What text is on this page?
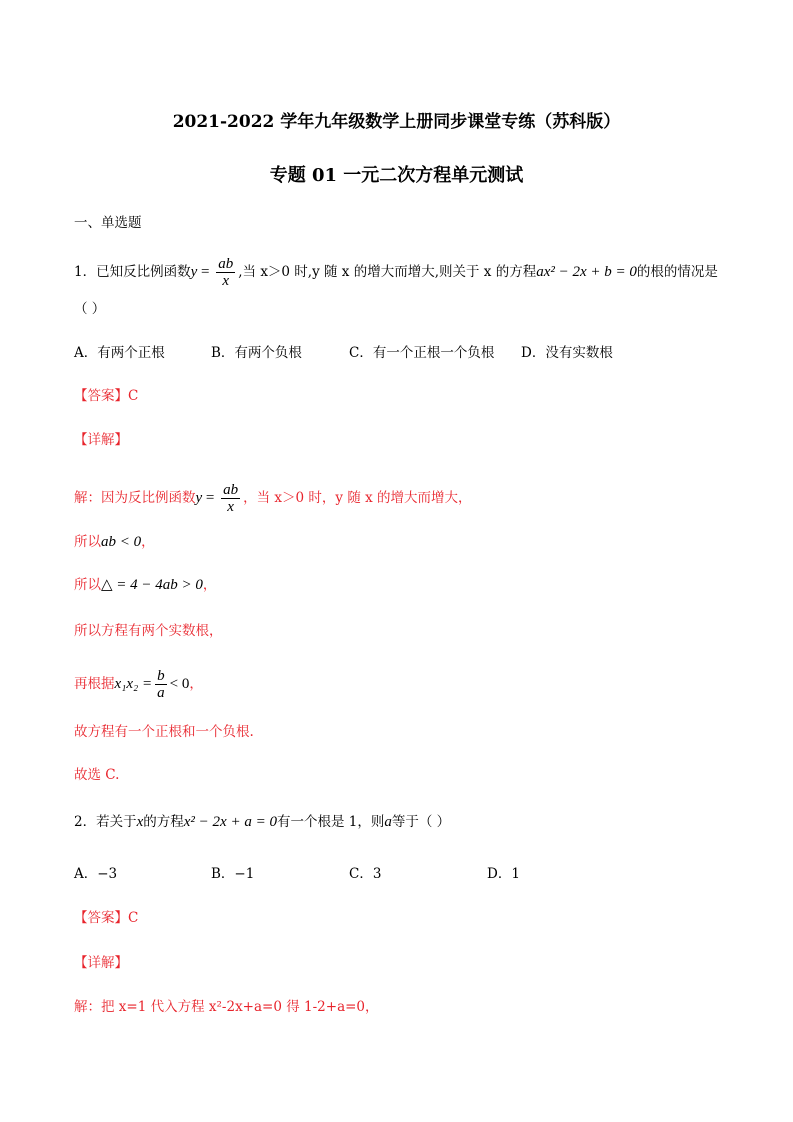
2021-2022 学年九年级数学上册同步课堂专练（苏科版）
专题 01 一元二次方程单元测试
一、单选题
1．已知反比例函数$y = \frac{ab}{x}$ ,当 x＞0 时,y 随 x 的增大而增大,则关于 x 的方程ax² − 2x + b = 0的根的情况是
（ ）
A．有两个正根	B．有两个负根	C．有一个正根一个负根 D．没有实数根
【答案】C
【详解】
解：因为反比例函数$y = \frac{ab}{x}$ ，当 x＞0 时，y 随 x 的增大而增大，
所以ab < 0，
所以△ = 4 − 4ab > 0，
所以方程有两个实数根，
再根据$x_1x_2 = \frac{b}{a} < 0$，
故方程有一个正根和一个负根.
故选 C.
2．若关于x的方程x² − 2x + a = 0有一个根是 1，则a等于（ ）
A．−3	B．−1	C．3	D．1
【答案】C
【详解】
解：把 x=1 代入方程 x²-2x+a=0 得 1-2+a=0，
